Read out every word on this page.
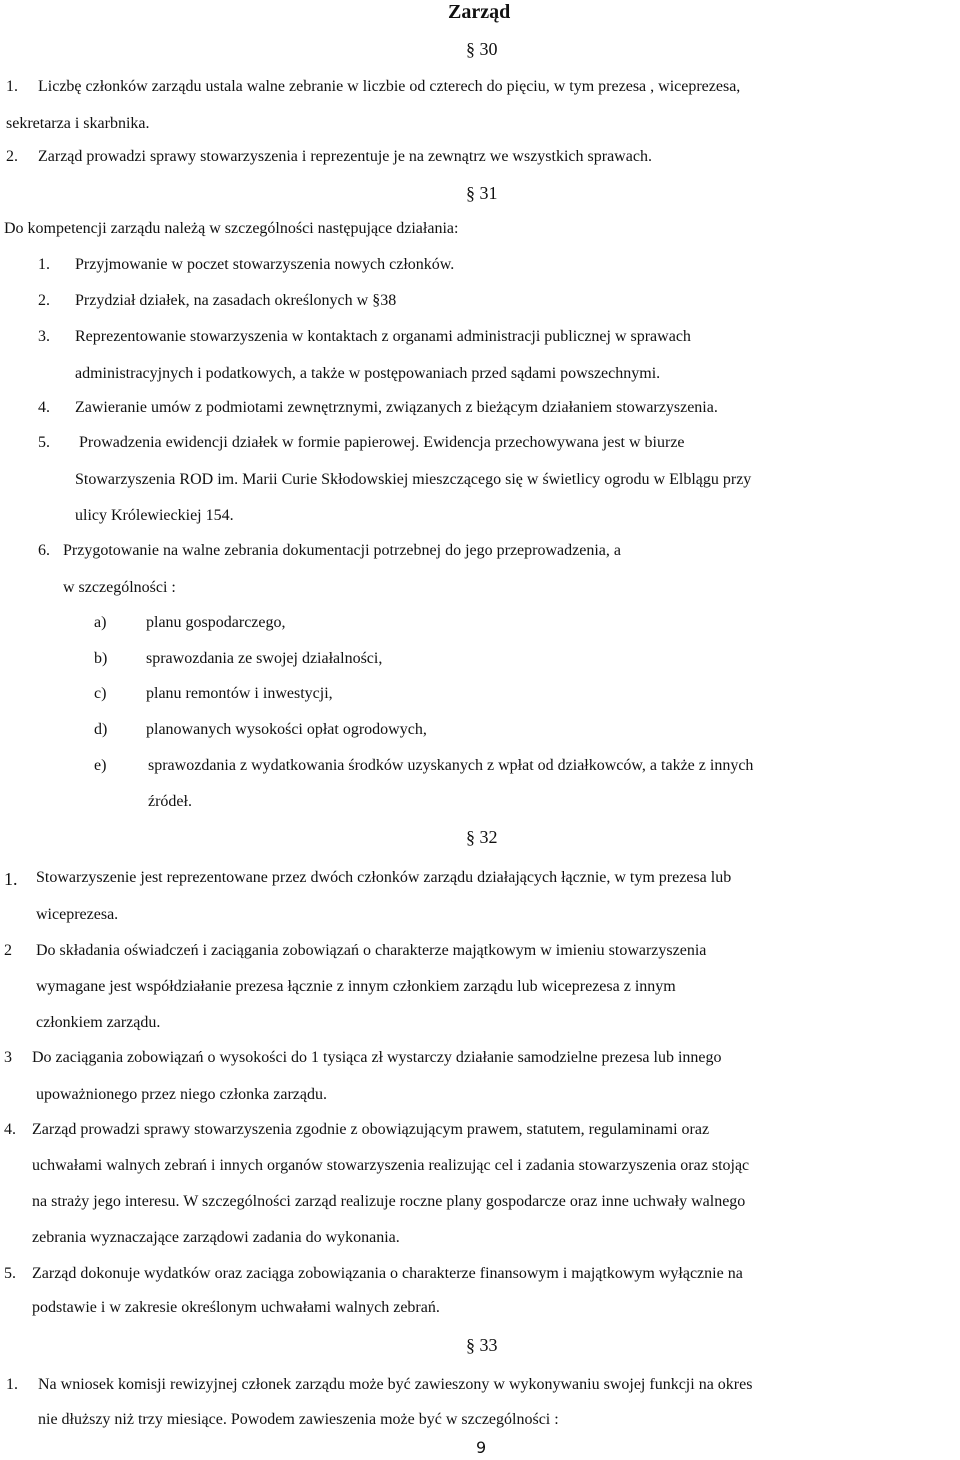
Zarząd
§ 30
1. Liczbę członków zarządu ustala walne zebranie w liczbie od czterech do pięciu, w tym prezesa , wiceprezesa,
sekretarza i skarbnika.
2. Zarząd prowadzi sprawy stowarzyszenia i reprezentuje je na zewnątrz we wszystkich sprawach.
§ 31
Do kompetencji zarządu należą w szczególności następujące działania:
1. Przyjmowanie w poczet stowarzyszenia nowych członków.
2. Przydział działek, na zasadach określonych w §38
3. Reprezentowanie stowarzyszenia w kontaktach z organami administracji publicznej w sprawach
administracyjnych i podatkowych, a także w postępowaniach przed sądami powszechnymi.
4. Zawieranie umów z podmiotami zewnętrznymi, związanych z bieżącym działaniem stowarzyszenia.
5. Prowadzenia ewidencji działek w formie papierowej. Ewidencja przechowywana jest w biurze
Stowarzyszenia ROD im. Marii Curie Skłodowskiej mieszczącego się w świetlicy ogrodu w Elblągu przy
ulicy Królewieckiej 154.
6. Przygotowanie na walne zebrania dokumentacji potrzebnej do jego przeprowadzenia, a
w szczególności :
a) planu gospodarczego,
b) sprawozdania ze swojej działalności,
c) planu remontów i inwestycji,
d) planowanych wysokości opłat ogrodowych,
e)	sprawozdania z wydatkowania środków uzyskanych z wpłat od działkowców, a także z innych
źródeł.
§ 32
1. Stowarzyszenie jest reprezentowane przez dwóch członków zarządu działających łącznie, w tym prezesa lub
wiceprezesa.
2 Do składania oświadczeń i zaciągania zobowiązań o charakterze majątkowym w imieniu stowarzyszenia
wymagane jest współdziałanie prezesa łącznie z innym członkiem zarządu lub wiceprezesa z innym
członkiem zarządu.
3 Do zaciągania zobowiązań o wysokości do 1 tysiąca zł wystarczy działanie samodzielne prezesa lub innego
upoważnionego przez niego członka zarządu.
4. Zarząd prowadzi sprawy stowarzyszenia zgodnie z obowiązującym prawem, statutem, regulaminami oraz
uchwałami walnych zebrań i innych organów stowarzyszenia realizując cel i zadania stowarzyszenia oraz stojąc
na straży jego interesu. W szczególności zarząd realizuje roczne plany gospodarcze oraz inne uchwały walnego
zebrania wyznaczające zarządowi zadania do wykonania.
5. Zarząd dokonuje wydatków oraz zaciąga zobowiązania o charakterze finansowym i majątkowym wyłącznie na
podstawie i w zakresie określonym uchwałami walnych zebrań.
§ 33
1. Na wniosek komisji rewizyjnej członek zarządu może być zawieszony w wykonywaniu swojej funkcji na okres
nie dłuższy niż trzy miesiące. Powodem zawieszenia może być w szczególności :
9
